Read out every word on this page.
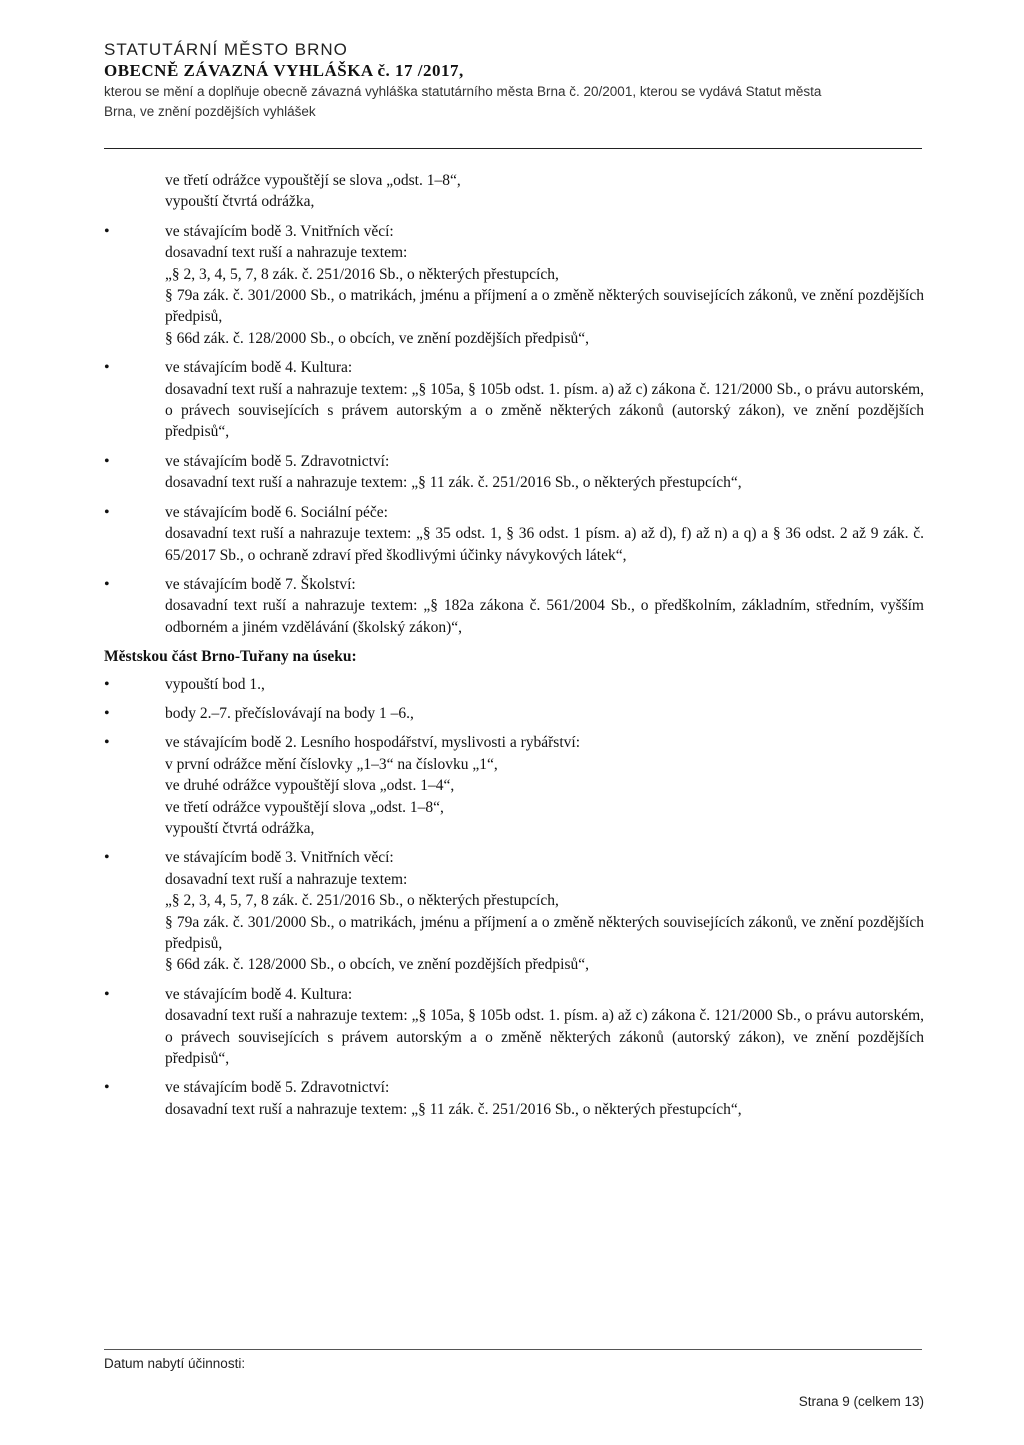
STATUTÁRNÍ MĚSTO BRNO
OBECNĚ ZÁVAZNÁ VYHLÁŠKA č. 17 /2017,
kterou se mění a doplňuje obecně závazná vyhláška statutárního města Brna č. 20/2001, kterou se vydává Statut města
Brna, ve znění pozdějších vyhlášek
ve třetí odrážce vypouštějí se slova „odst. 1–8“,
vypouští čtvrtá odrážka,
• ve stávajícím bodě 3. Vnitřních věcí:
dosavadní text ruší a nahrazuje textem:
„§ 2, 3, 4, 5, 7, 8 zák. č. 251/2016 Sb., o některých přestupcích,
§ 79a zák. č. 301/2000 Sb., o matrikách, jménu a příjmení a o změně některých souvisejících zákonů, ve znění pozdějších předpisů,
§ 66d zák. č. 128/2000 Sb., o obcích, ve znění pozdějších předpisů“,
• ve stávajícím bodě 4. Kultura:
dosavadní text ruší a nahrazuje textem: „§ 105a, § 105b odst. 1. písm. a) až c) zákona č. 121/2000 Sb., o právu autorském, o právech souvisejících s právem autorským a o změně některých zákonů (autorský zákon), ve znění pozdějších předpisů“,
• ve stávajícím bodě 5. Zdravotnictví:
dosavadní text ruší a nahrazuje textem: „§ 11 zák. č. 251/2016 Sb., o některých přestupcích“,
• ve stávajícím bodě 6. Sociální péče:
dosavadní text ruší a nahrazuje textem: „§ 35 odst. 1, § 36 odst. 1 písm. a) až d), f) až n) a q) a § 36 odst. 2 až 9 zák. č. 65/2017 Sb., o ochraně zdraví před škodlivými účinky návykových látek“,
• ve stávajícím bodě 7. Školství:
dosavadní text ruší a nahrazuje textem: „§ 182a zákona č. 561/2004 Sb., o předškolním, základním, středním, vyšším odborném a jiném vzdělávání (školský zákon)“,
Městskou část Brno-Tuřany na úseku:
• vypouští bod 1.,
• body 2.–7. přečíslovávají na body 1 –6.,
• ve stávajícím bodě 2. Lesního hospodářství, myslivosti a rybářství:
v první odrážce mění číslovky „1–3“ na číslovku „1“,
ve druhé odrážce vypouštějí slova „odst. 1–4“,
ve třetí odrážce vypouštějí slova „odst. 1–8“,
vypouští čtvrtá odrážka,
• ve stávajícím bodě 3. Vnitřních věcí:
dosavadní text ruší a nahrazuje textem:
„§ 2, 3, 4, 5, 7, 8 zák. č. 251/2016 Sb., o některých přestupcích,
§ 79a zák. č. 301/2000 Sb., o matrikách, jménu a příjmení a o změně některých souvisejících zákonů, ve znění pozdějších předpisů,
§ 66d zák. č. 128/2000 Sb., o obcích, ve znění pozdějších předpisů“,
• ve stávajícím bodě 4. Kultura:
dosavadní text ruší a nahrazuje textem: „§ 105a, § 105b odst. 1. písm. a) až c) zákona č. 121/2000 Sb., o právu autorském, o právech souvisejících s právem autorským a o změně některých zákonů (autorský zákon), ve znění pozdějších předpisů“,
• ve stávajícím bodě 5. Zdravotnictví:
dosavadní text ruší a nahrazuje textem: „§ 11 zák. č. 251/2016 Sb., o některých přestupcích“,
Datum nabytí účinnosti:
Strana 9 (celkem 13)
